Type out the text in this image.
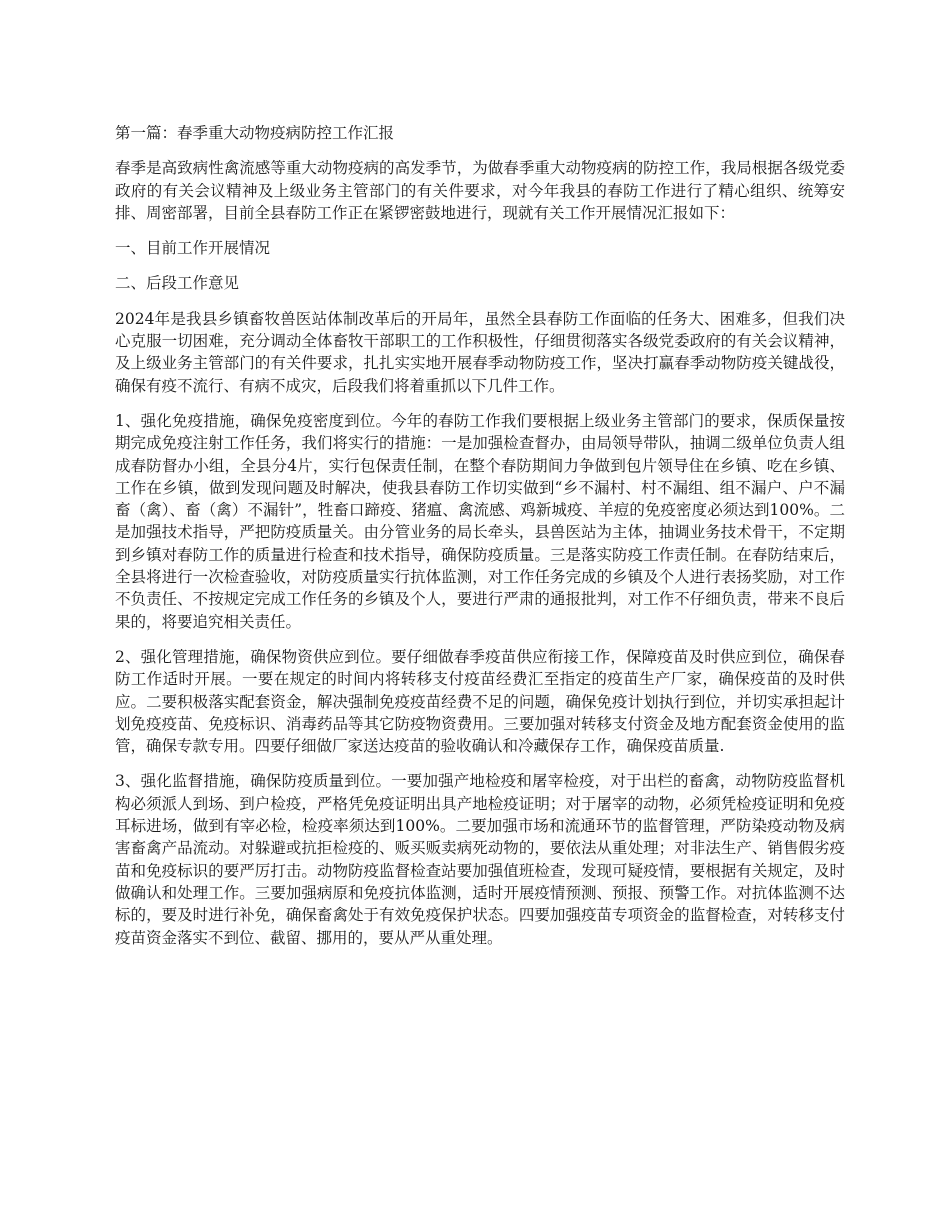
第一篇：春季重大动物疫病防控工作汇报

春季是高致病性禽流感等重大动物疫病的高发季节，为做春季重大动物疫病的防控工作，我局根据各级党委政府的有关会议精神及上级业务主管部门的有关件要求，对今年我县的春防工作进行了精心组织、统筹安排、周密部署，目前全县春防工作正在紧锣密鼓地进行，现就有关工作开展情况汇报如下：

一、目前工作开展情况

二、后段工作意见

2024年是我县乡镇畜牧兽医站体制改革后的开局年，虽然全县春防工作面临的任务大、困难多，但我们决心克服一切困难，充分调动全体畜牧干部职工的工作积极性，仔细贯彻落实各级党委政府的有关会议精神，及上级业务主管部门的有关件要求，扎扎实实地开展春季动物防疫工作，坚决打赢春季动物防疫关键战役，确保有疫不流行、有病不成灾，后段我们将着重抓以下几件工作。

1、强化免疫措施，确保免疫密度到位。今年的春防工作我们要根据上级业务主管部门的要求，保质保量按期完成免疫注射工作任务，我们将实行的措施：一是加强检查督办，由局领导带队，抽调二级单位负责人组成春防督办小组，全县分4片，实行包保责任制，在整个春防期间力争做到包片领导住在乡镇、吃在乡镇、工作在乡镇，做到发现问题及时解决，使我县春防工作切实做到“乡不漏村、村不漏组、组不漏户、户不漏畜（禽）、畜（禽）不漏针”，牲畜口蹄疫、猪瘟、禽流感、鸡新城疫、羊痘的免疫密度必须达到100%。二是加强技术指导，严把防疫质量关。由分管业务的局长牵头，县兽医站为主体，抽调业务技术骨干，不定期到乡镇对春防工作的质量进行检查和技术指导，确保防疫质量。三是落实防疫工作责任制。在春防结束后，全县将进行一次检查验收，对防疫质量实行抗体监测，对工作任务完成的乡镇及个人进行表扬奖励，对工作不负责任、不按规定完成工作任务的乡镇及个人，要进行严肃的通报批判，对工作不仔细负责，带来不良后果的，将要追究相关责任。

2、强化管理措施，确保物资供应到位。要仔细做春季疫苗供应衔接工作，保障疫苗及时供应到位，确保春防工作适时开展。一要在规定的时间内将转移支付疫苗经费汇至指定的疫苗生产厂家，确保疫苗的及时供应。二要积极落实配套资金，解决强制免疫疫苗经费不足的问题，确保免疫计划执行到位，并切实承担起计划免疫疫苗、免疫标识、消毒药品等其它防疫物资费用。三要加强对转移支付资金及地方配套资金使用的监管，确保专款专用。四要仔细做厂家送达疫苗的验收确认和冷藏保存工作，确保疫苗质量.

3、强化监督措施，确保防疫质量到位。一要加强产地检疫和屠宰检疫，对于出栏的畜禽，动物防疫监督机构必须派人到场、到户检疫，严格凭免疫证明出具产地检疫证明；对于屠宰的动物，必须凭检疫证明和免疫耳标进场，做到有宰必检，检疫率须达到100%。二要加强市场和流通环节的监督管理，严防染疫动物及病害畜禽产品流动。对躲避或抗拒检疫的、贩买贩卖病死动物的，要依法从重处理；对非法生产、销售假劣疫苗和免疫标识的要严厉打击。动物防疫监督检查站要加强值班检查，发现可疑疫情，要根据有关规定，及时做确认和处理工作。三要加强病原和免疫抗体监测，适时开展疫情预测、预报、预警工作。对抗体监测不达标的，要及时进行补免，确保畜禽处于有效免疫保护状态。四要加强疫苗专项资金的监督检查，对转移支付疫苗资金落实不到位、截留、挪用的，要从严从重处理。
